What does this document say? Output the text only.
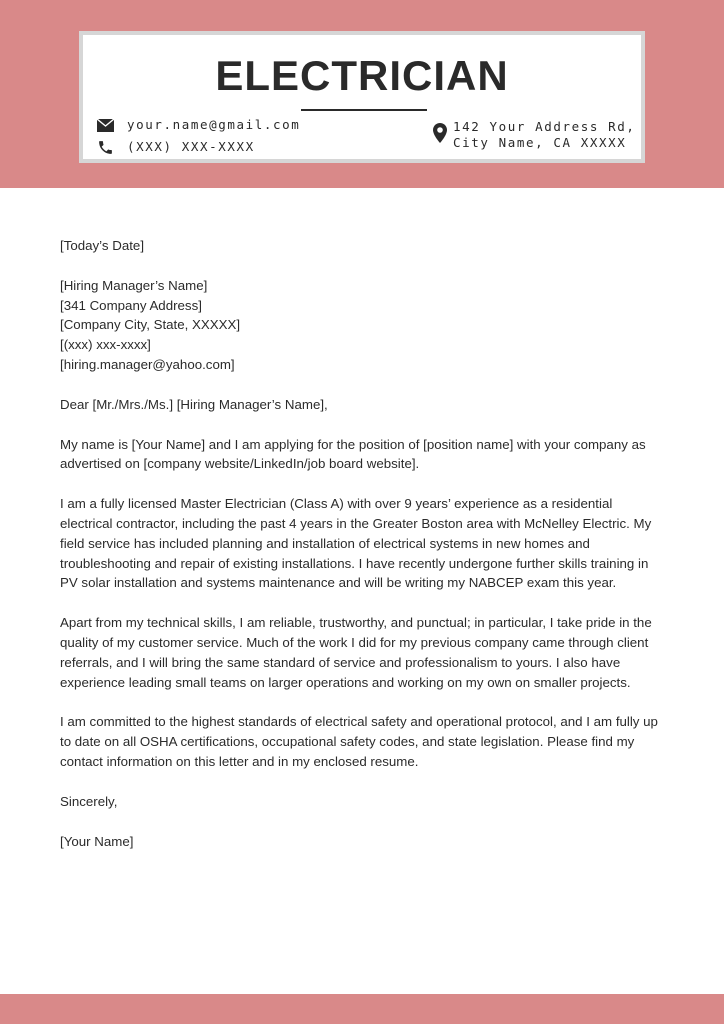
ELECTRICIAN
your.name@gmail.com
(XXX) XXX-XXXX
142 Your Address Rd,
City Name, CA XXXXX

[Today’s Date]

[Hiring Manager’s Name]
[341 Company Address]
[Company City, State, XXXXX]
[(xxx) xxx-xxxx]
[hiring.manager@yahoo.com]

Dear [Mr./Mrs./Ms.] [Hiring Manager’s Name],

My name is [Your Name] and I am applying for the position of [position name] with your company as advertised on [company website/LinkedIn/job board website].

I am a fully licensed Master Electrician (Class A) with over 9 years’ experience as a residential electrical contractor, including the past 4 years in the Greater Boston area with McNelley Electric. My field service has included planning and installation of electrical systems in new homes and troubleshooting and repair of existing installations. I have recently undergone further skills training in PV solar installation and systems maintenance and will be writing my NABCEP exam this year.

Apart from my technical skills, I am reliable, trustworthy, and punctual; in particular, I take pride in the quality of my customer service. Much of the work I did for my previous company came through client referrals, and I will bring the same standard of service and professionalism to yours. I also have experience leading small teams on larger operations and working on my own on smaller projects.

I am committed to the highest standards of electrical safety and operational protocol, and I am fully up to date on all OSHA certifications, occupational safety codes, and state legislation. Please find my contact information on this letter and in my enclosed resume.

Sincerely,

[Your Name]
